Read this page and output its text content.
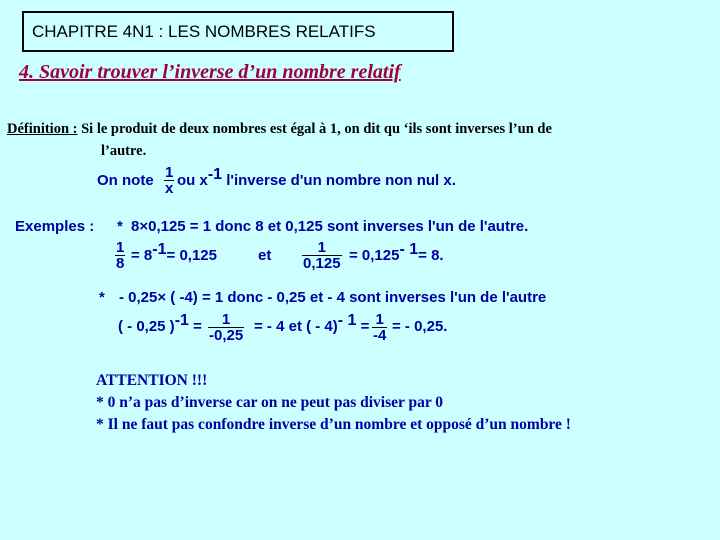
CHAPITRE 4N1 : LES NOMBRES RELATIFS
4. Savoir trouver l’inverse d’un nombre relatif
Définition : Si le produit de deux nombres est égal à 1, on dit qu ‘ils sont inverses l’un de
l’autre.
On note $\frac{1}{x}$ ou x-1 l'inverse d'un nombre non nul x.
Exemples : * 8×0,125 = 1 donc 8 et 0,125 sont inverses l'un de l'autre.
$\frac{1}{8} = 8-1= 0,125$	et $\frac{1}{0,125} = 0,125-$ 1= 8.
* - 0,25× ( -4) = 1 donc - 0,25 et - 4 sont inverses l'un de l'autre
( - 0,25 )$-1 = \frac{1}{-0,25}$ = - 4 et ( - 4)- $1 = \frac{1}{-4}$ = - 0,25.
ATTENTION !!!
* 0 n’a pas d’inverse car on ne peut pas diviser par 0
* Il ne faut pas confondre inverse d’un nombre et opposé d’un nombre !
